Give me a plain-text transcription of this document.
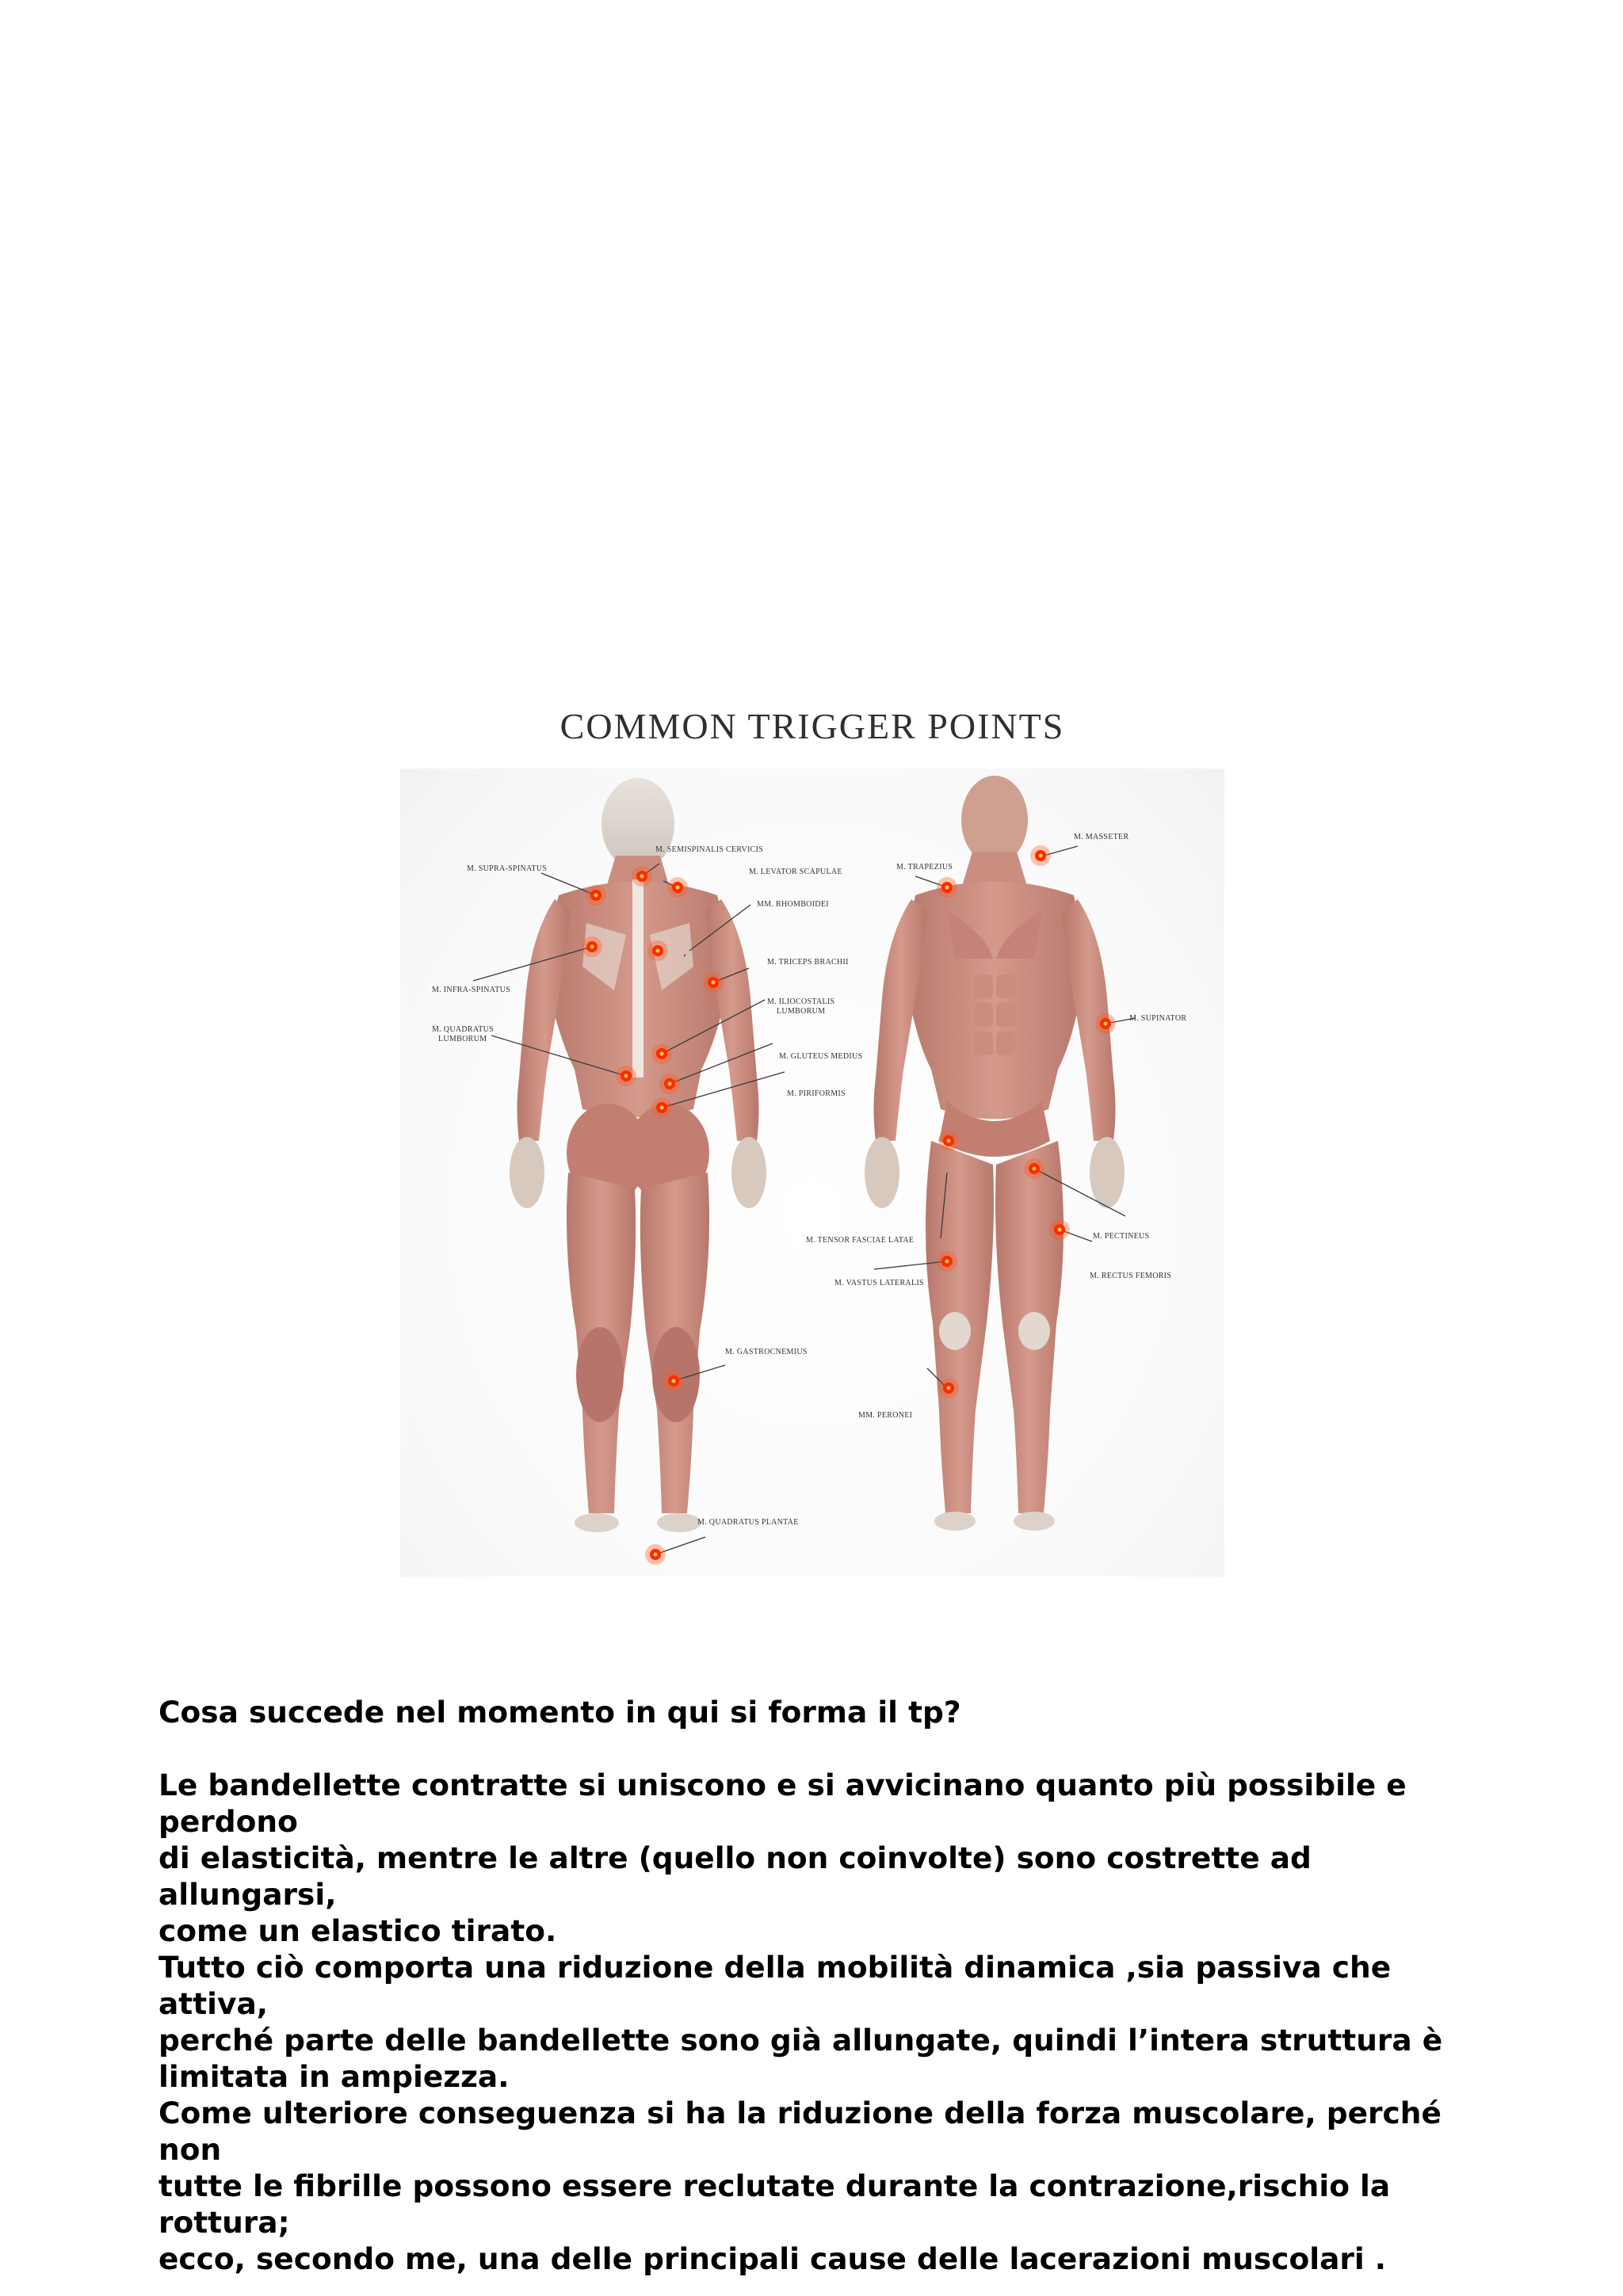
COMMON TRIGGER POINTS
M. SUPRA-SPINATUS
M. SEMISPINALIS CERVICIS
M. LEVATOR SCAPULAE
MM. RHOMBOIDEI
M. INFRA-SPINATUS
M. TRICEPS BRACHII
M. QUADRATUS
LUMBORUM
M. ILIOCOSTALIS
LUMBORUM
M. GLUTEUS MEDIUS
M. PIRIFORMIS
M. GASTROCNEMIUS
M. QUADRATUS PLANTAE
M. TRAPEZIUS
M. MASSETER
M. SUPINATOR
M. PECTINEUS
M. TENSOR FASCIAE LATAE
M. RECTUS FEMORIS
M. VASTUS LATERALIS
MM. PERONEI

Cosa succede nel momento in qui si forma il tp?

Le bandellette contratte si uniscono e si avvicinano quanto più possibile e perdono

di elasticità, mentre le altre (quello non coinvolte) sono costrette ad allungarsi,

come un elastico tirato.

Tutto ciò comporta una riduzione della mobilità dinamica ,sia passiva che attiva,

perché parte delle bandellette sono già allungate, quindi l’intera struttura è

limitata in ampiezza.

Come ulteriore conseguenza si ha la riduzione della forza muscolare, perché non

tutte le fibrille possono essere reclutate durante la contrazione,rischio la rottura;

ecco, secondo me, una delle principali cause delle lacerazioni muscolari .
